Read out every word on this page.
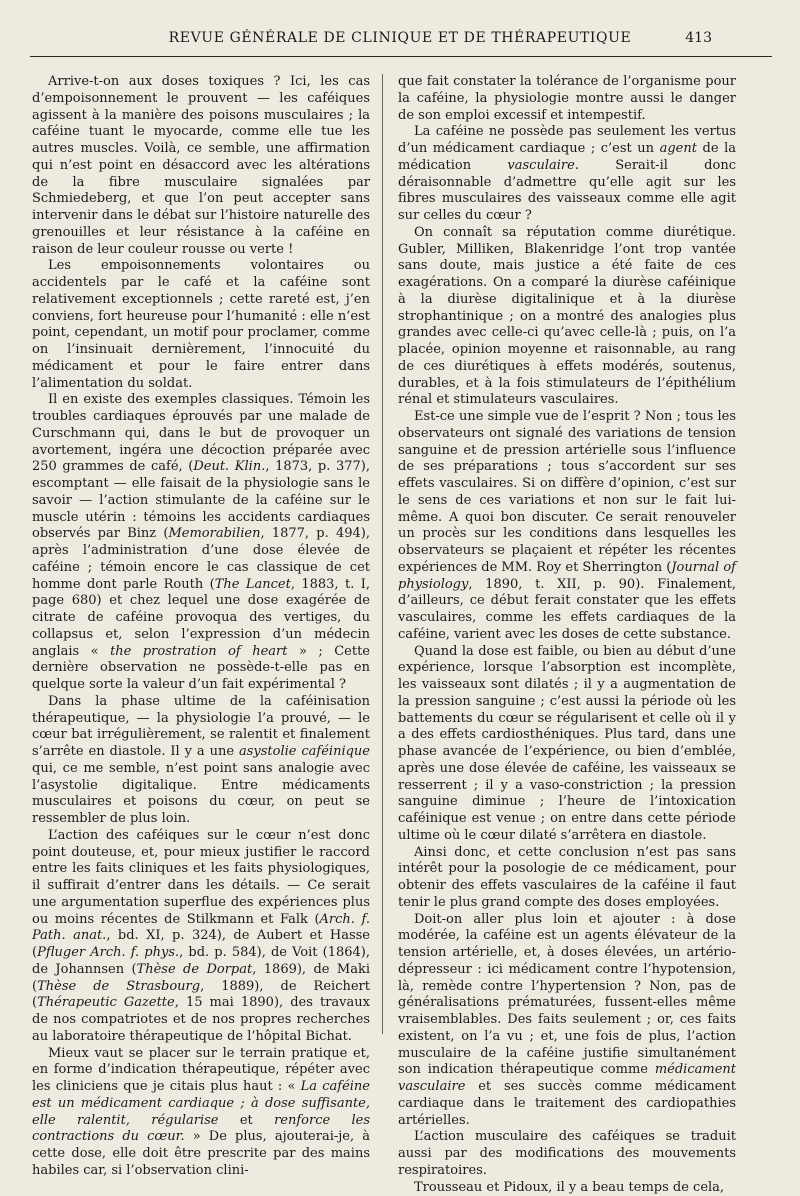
REVUE GÉNÉRALE DE CLINIQUE ET DE THÉRAPEUTIQUE	413

Arrive-t-on aux doses toxiques ? Ici, les cas d’empoisonnement le prouvent — les caféiques agissent à la manière des poisons musculaires ; la caféine tuant le myocarde, comme elle tue les autres muscles. Voilà, ce semble, une affirmation qui n’est point en désaccord avec les altérations de la fibre musculaire signalées par Schmiedeberg, et que l’on peut accepter sans intervenir dans le débat sur l’histoire naturelle des grenouilles et leur résistance à la caféine en raison de leur couleur rousse ou verte !

Les empoisonnements volontaires ou accidentels par le café et la caféine sont relativement exceptionnels ; cette rareté est, j’en conviens, fort heureuse pour l’humanité : elle n’est point, cependant, un motif pour proclamer, comme on l’insinuait dernièrement, l’innocuité du médicament et pour le faire entrer dans l’alimentation du soldat.

Il en existe des exemples classiques. Témoin les troubles cardiaques éprouvés par une malade de Curschmann qui, dans le but de provoquer un avortement, ingéra une décoction préparée avec 250 grammes de café, (Deut. Klin., 1873, p. 377), escomptant — elle faisait de la physiologie sans le savoir — l’action stimulante de la caféine sur le muscle utérin : témoins les accidents cardiaques observés par Binz (Memorabilien, 1877, p. 494), après l’administration d’une dose élevée de caféine ; témoin encore le cas classique de cet homme dont parle Routh (The Lancet, 1883, t. I, page 680) et chez lequel une dose exagérée de citrate de caféine provoqua des vertiges, du collapsus et, selon l’expression d’un médecin anglais « the prostration of heart » ; Cette dernière observation ne possède-t-elle pas en quelque sorte la valeur d’un fait expérimental ?

Dans la phase ultime de la caféinisation thérapeutique, — la physiologie l’a prouvé, — le cœur bat irrégulièrement, se ralentit et finalement s’arrête en diastole. Il y a une asystolie caféinique qui, ce me semble, n’est point sans analogie avec l’asystolie digitalique. Entre médicaments musculaires et poisons du cœur, on peut se ressembler de plus loin.

L’action des caféiques sur le cœur n’est donc point douteuse, et, pour mieux justifier le raccord entre les faits cliniques et les faits physiologiques, il suffirait d’entrer dans les détails. — Ce serait une argumentation superflue des expériences plus ou moins récentes de Stilkmann et Falk (Arch. f. Path. anat., bd. XI, p. 324), de Aubert et Hasse (Pfluger Arch. f. phys., bd. p. 584), de Voit (1864), de Johannsen (Thèse de Dorpat, 1869), de Maki (Thèse de Strasbourg, 1889), de Reichert (Thérapeutic Gazette, 15 mai 1890), des travaux de nos compatriotes et de nos propres recherches au laboratoire thérapeutique de l’hôpital Bichat.

Mieux vaut se placer sur le terrain pratique et, en forme d’indication thérapeutique, répéter avec les cliniciens que je citais plus haut : « La caféine est un médicament cardiaque ; à dose suffisante, elle ralentit, régularise et renforce les contractions du cœur. » De plus, ajouterai-je, à cette dose, elle doit être prescrite par des mains habiles car, si l’observation clini-

que fait constater la tolérance de l’organisme pour la caféine, la physiologie montre aussi le danger de son emploi excessif et intempestif.

La caféine ne possède pas seulement les vertus d’un médicament cardiaque ; c’est un agent de la médication vasculaire. Serait-il donc déraisonnable d’admettre qu’elle agit sur les fibres musculaires des vaisseaux comme elle agit sur celles du cœur ?

On connaît sa réputation comme diurétique. Gubler, Milliken, Blakenridge l’ont trop vantée sans doute, mais justice a été faite de ces exagérations. On a comparé la diurèse caféinique à la diurèse digitalinique et à la diurèse strophantinique ; on a montré des analogies plus grandes avec celle-ci qu’avec celle-là ; puis, on l’a placée, opinion moyenne et raisonnable, au rang de ces diurétiques à effets modérés, soutenus, durables, et à la fois stimulateurs de l’épithélium rénal et stimulateurs vasculaires.

Est-ce une simple vue de l’esprit ? Non ; tous les observateurs ont signalé des variations de tension sanguine et de pression artérielle sous l’influence de ses préparations ; tous s’accordent sur ses effets vasculaires. Si on diffère d’opinion, c’est sur le sens de ces variations et non sur le fait lui-même. A quoi bon discuter. Ce serait renouveler un procès sur les conditions dans lesquelles les observateurs se plaçaient et répéter les récentes expériences de MM. Roy et Sherrington (Journal of physiology, 1890, t. XII, p. 90). Finalement, d’ailleurs, ce début ferait constater que les effets vasculaires, comme les effets cardiaques de la caféine, varient avec les doses de cette substance.

Quand la dose est faible, ou bien au début d’une expérience, lorsque l’absorption est incomplète, les vaisseaux sont dilatés ; il y a augmentation de la pression sanguine ; c’est aussi la période où les battements du cœur se régularisent et celle où il y a des effets cardiosthéniques. Plus tard, dans une phase avancée de l’expérience, ou bien d’emblée, après une dose élevée de caféine, les vaisseaux se resserrent ; il y a vaso-constriction ; la pression sanguine diminue ; l’heure de l’intoxication caféinique est venue ; on entre dans cette période ultime où le cœur dilaté s’arrêtera en diastole.

Ainsi donc, et cette conclusion n’est pas sans intérêt pour la posologie de ce médicament, pour obtenir des effets vasculaires de la caféine il faut tenir le plus grand compte des doses employées.

Doit-on aller plus loin et ajouter : à dose modérée, la caféine est un agents élévateur de la tension artérielle, et, à doses élevées, un artério-dépresseur : ici médicament contre l’hypotension, là, remède contre l’hypertension ? Non, pas de généralisations prématurées, fussent-elles même vraisemblables. Des faits seulement ; or, ces faits existent, on l’a vu ; et, une fois de plus, l’action musculaire de la caféine justifie simultanément son indication thérapeutique comme médicament vasculaire et ses succès comme médicament cardiaque dans le traitement des cardiopathies artérielles.

L’action musculaire des caféiques se traduit aussi par des modifications des mouvements respiratoires.

Trousseau et Pidoux, il y a beau temps de cela,
